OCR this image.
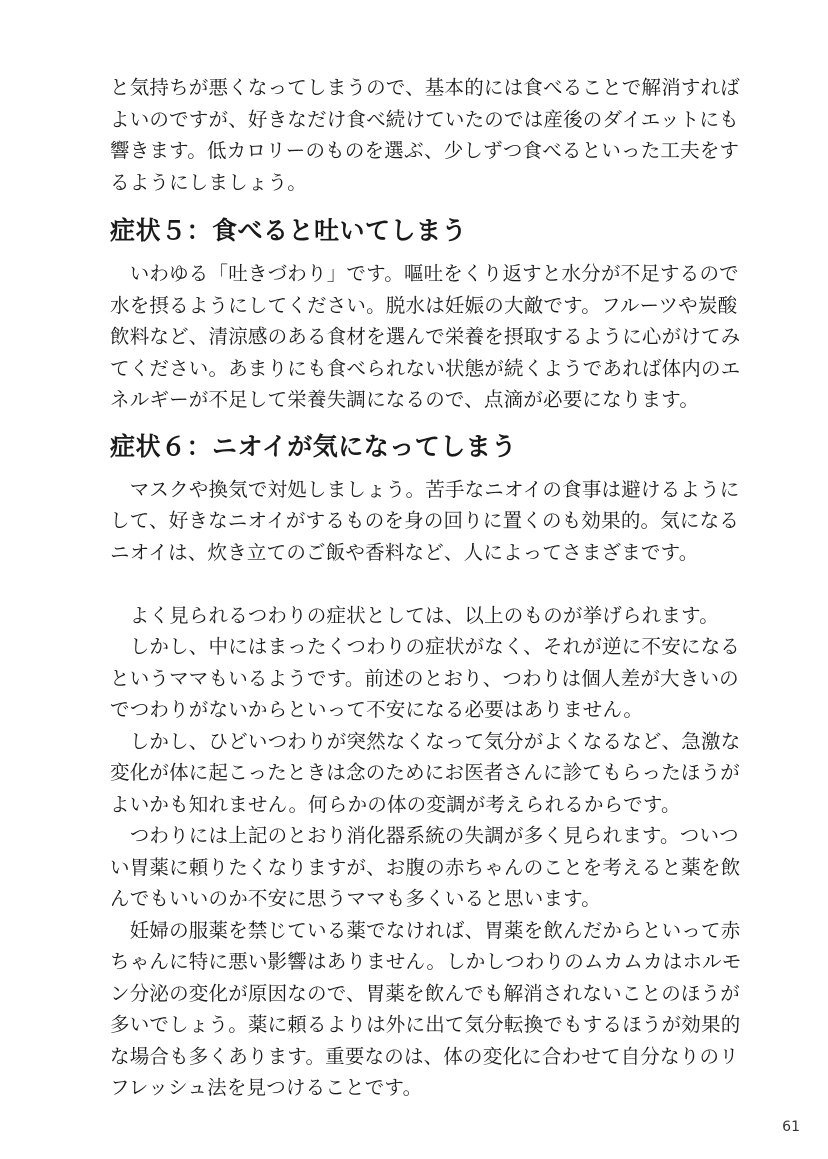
と気持ちが悪くなってしまうので、基本的には食べることで解消すれば
よいのですが、好きなだけ食べ続けていたのでは産後のダイエットにも
響きます。低カロリーのものを選ぶ、少しずつ食べるといった工夫をす
るようにしましょう。
症状５：食べると吐いてしまう
　いわゆる「吐きづわり」です。嘔吐をくり返すと水分が不足するので
水を摂るようにしてください。脱水は妊娠の大敵です。フルーツや炭酸
飲料など、清涼感のある食材を選んで栄養を摂取するように心がけてみ
てください。あまりにも食べられない状態が続くようであれば体内のエ
ネルギーが不足して栄養失調になるので、点滴が必要になります。
症状６：ニオイが気になってしまう
　マスクや換気で対処しましょう。苦手なニオイの食事は避けるように
して、好きなニオイがするものを身の回りに置くのも効果的。気になる
ニオイは、炊き立てのご飯や香料など、人によってさまざまです。
　よく見られるつわりの症状としては、以上のものが挙げられます。
　しかし、中にはまったくつわりの症状がなく、それが逆に不安になる
というママもいるようです。前述のとおり、つわりは個人差が大きいの
でつわりがないからといって不安になる必要はありません。
　しかし、ひどいつわりが突然なくなって気分がよくなるなど、急激な
変化が体に起こったときは念のためにお医者さんに診てもらったほうが
よいかも知れません。何らかの体の変調が考えられるからです。
　つわりには上記のとおり消化器系統の失調が多く見られます。ついつ
い胃薬に頼りたくなりますが、お腹の赤ちゃんのことを考えると薬を飲
んでもいいのか不安に思うママも多くいると思います。
　妊婦の服薬を禁じている薬でなければ、胃薬を飲んだからといって赤
ちゃんに特に悪い影響はありません。しかしつわりのムカムカはホルモ
ン分泌の変化が原因なので、胃薬を飲んでも解消されないことのほうが
多いでしょう。薬に頼るよりは外に出て気分転換でもするほうが効果的
な場合も多くあります。重要なのは、体の変化に合わせて自分なりのリ
フレッシュ法を見つけることです。
61
